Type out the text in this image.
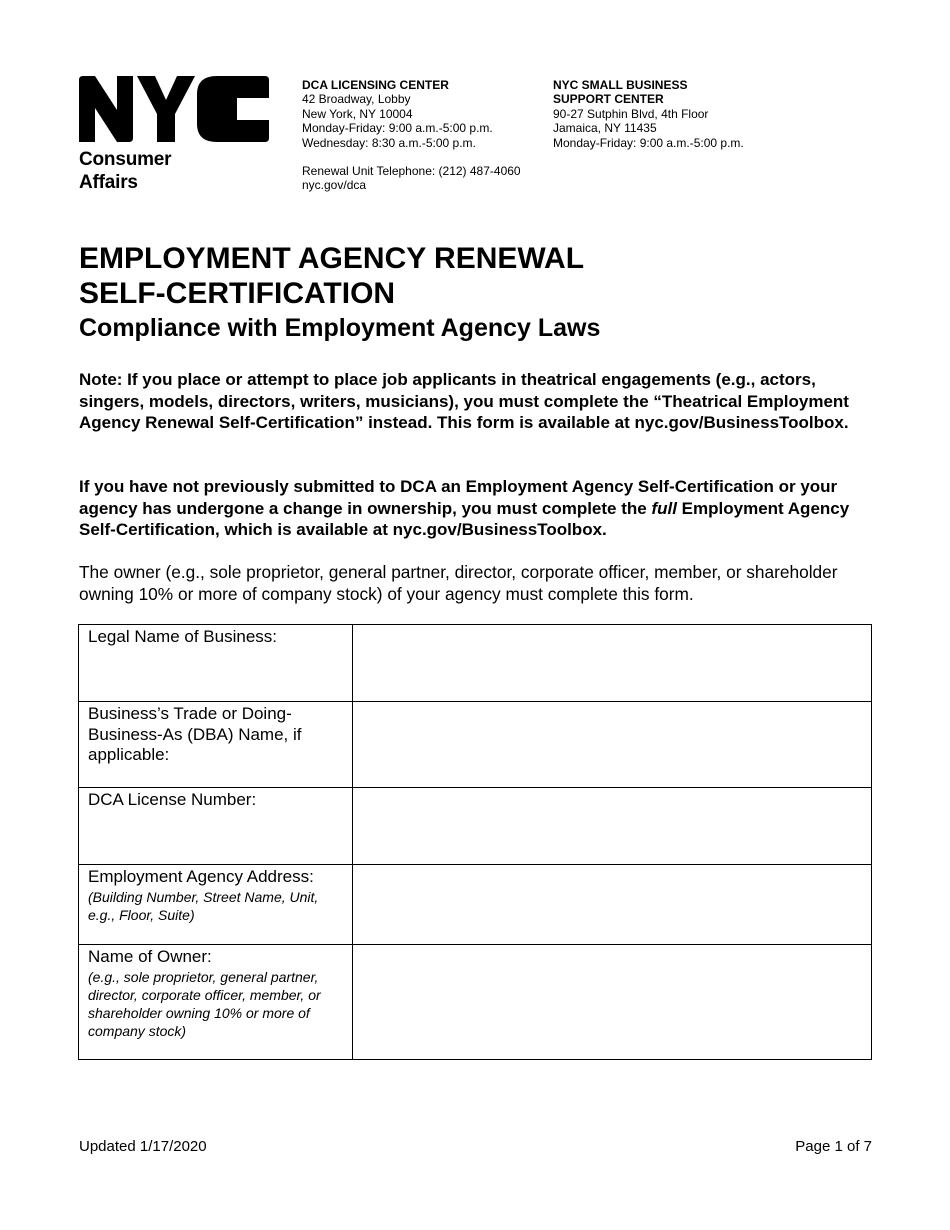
™
Consumer
Affairs
DCA LICENSING CENTER
42 Broadway, Lobby
New York, NY 10004
Monday-Friday: 9:00 a.m.-5:00 p.m.
Wednesday: 8:30 a.m.-5:00 p.m.
Renewal Unit Telephone: (212) 487-4060
nyc.gov/dca
NYC SMALL BUSINESS
SUPPORT CENTER
90-27 Sutphin Blvd, 4th Floor
Jamaica, NY 11435
Monday-Friday: 9:00 a.m.-5:00 p.m.
EMPLOYMENT AGENCY RENEWAL
SELF-CERTIFICATION
Compliance with Employment Agency Laws

Note: If you place or attempt to place job applicants in theatrical engagements (e.g., actors, singers, models, directors, writers, musicians), you must complete the “Theatrical Employment Agency Renewal Self-Certification” instead. This form is available at nyc.gov/BusinessToolbox.

If you have not previously submitted to DCA an Employment Agency Self-Certification or your agency has undergone a change in ownership, you must complete the full Employment Agency Self-Certification, which is available at nyc.gov/BusinessToolbox.

The owner (e.g., sole proprietor, general partner, director, corporate officer, member, or shareholder owning 10% or more of company stock) of your agency must complete this form.

Legal Name of Business:	

Business’s Trade or Doing-Business-As (DBA) Name, if applicable:	

DCA License Number:	

Employment Agency Address:
(Building Number, Street Name, Unit, e.g., Floor, Suite)	

Name of Owner:
(e.g., sole proprietor, general partner, director, corporate officer, member, or shareholder owning 10% or more of company stock)	

Updated 1/17/2020	Page 1 of 7
